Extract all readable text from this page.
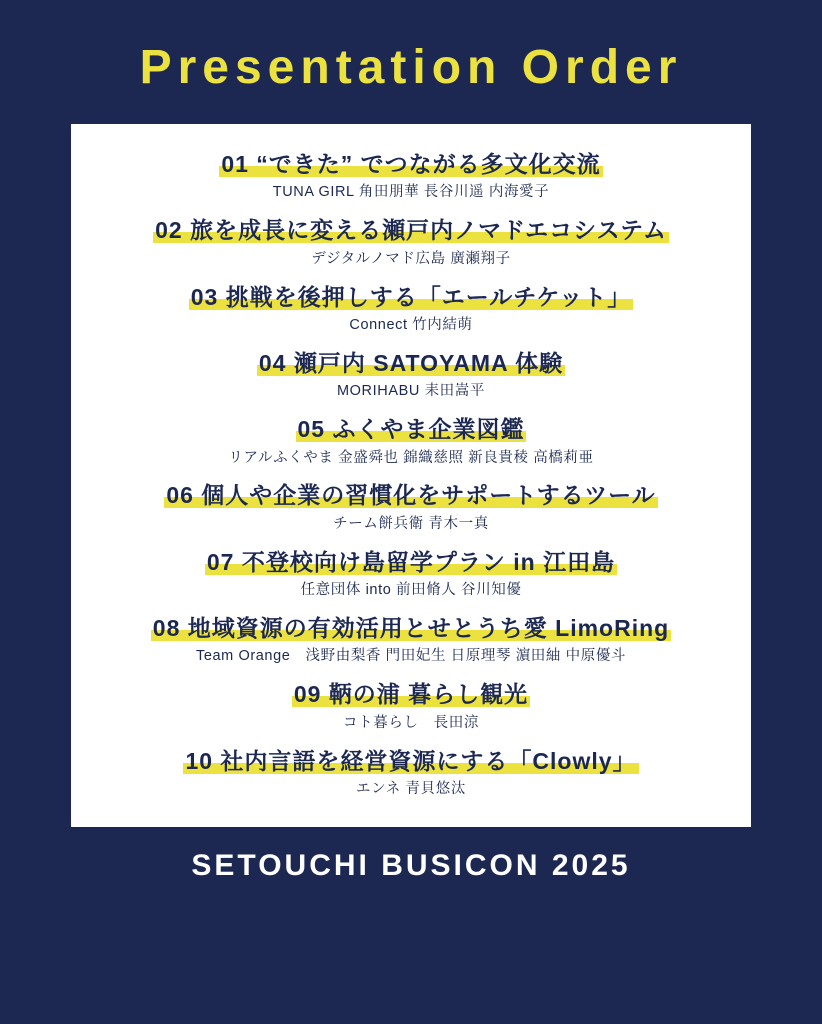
Presentation Order
01 “できた” でつながる多文化交流
TUNA GIRL 角田朋華 長谷川遥 内海愛子
02 旅を成長に変える瀬戸内ノマドエコシステム
デジタルノマド広島 廣瀬翔子
03 挑戦を後押しする「エールチケット」
Connect 竹内結萌
04 瀬戸内 SATOYAMA 体験
MORIHABU 耒田嵩平
05 ふくやま企業図鑑
リアルふくやま 金盛舜也 錦織慈照 新良貴稜 高橋莉亜
06 個人や企業の習慣化をサポートするツール
チーム餅兵衛 青木一真
07 不登校向け島留学プラン in 江田島
任意団体 into 前田脩人 谷川知優
08 地域資源の有効活用とせとうち愛 LimoRing
Team Orange　浅野由梨香 門田妃生 日原理琴 濵田紬 中原優斗
09 鞆の浦 暮らし観光
コト暮らし　長田涼
10 社内言語を経営資源にする「Clowly」
エンネ 青貝悠汰
SETOUCHI BUSICON 2025
